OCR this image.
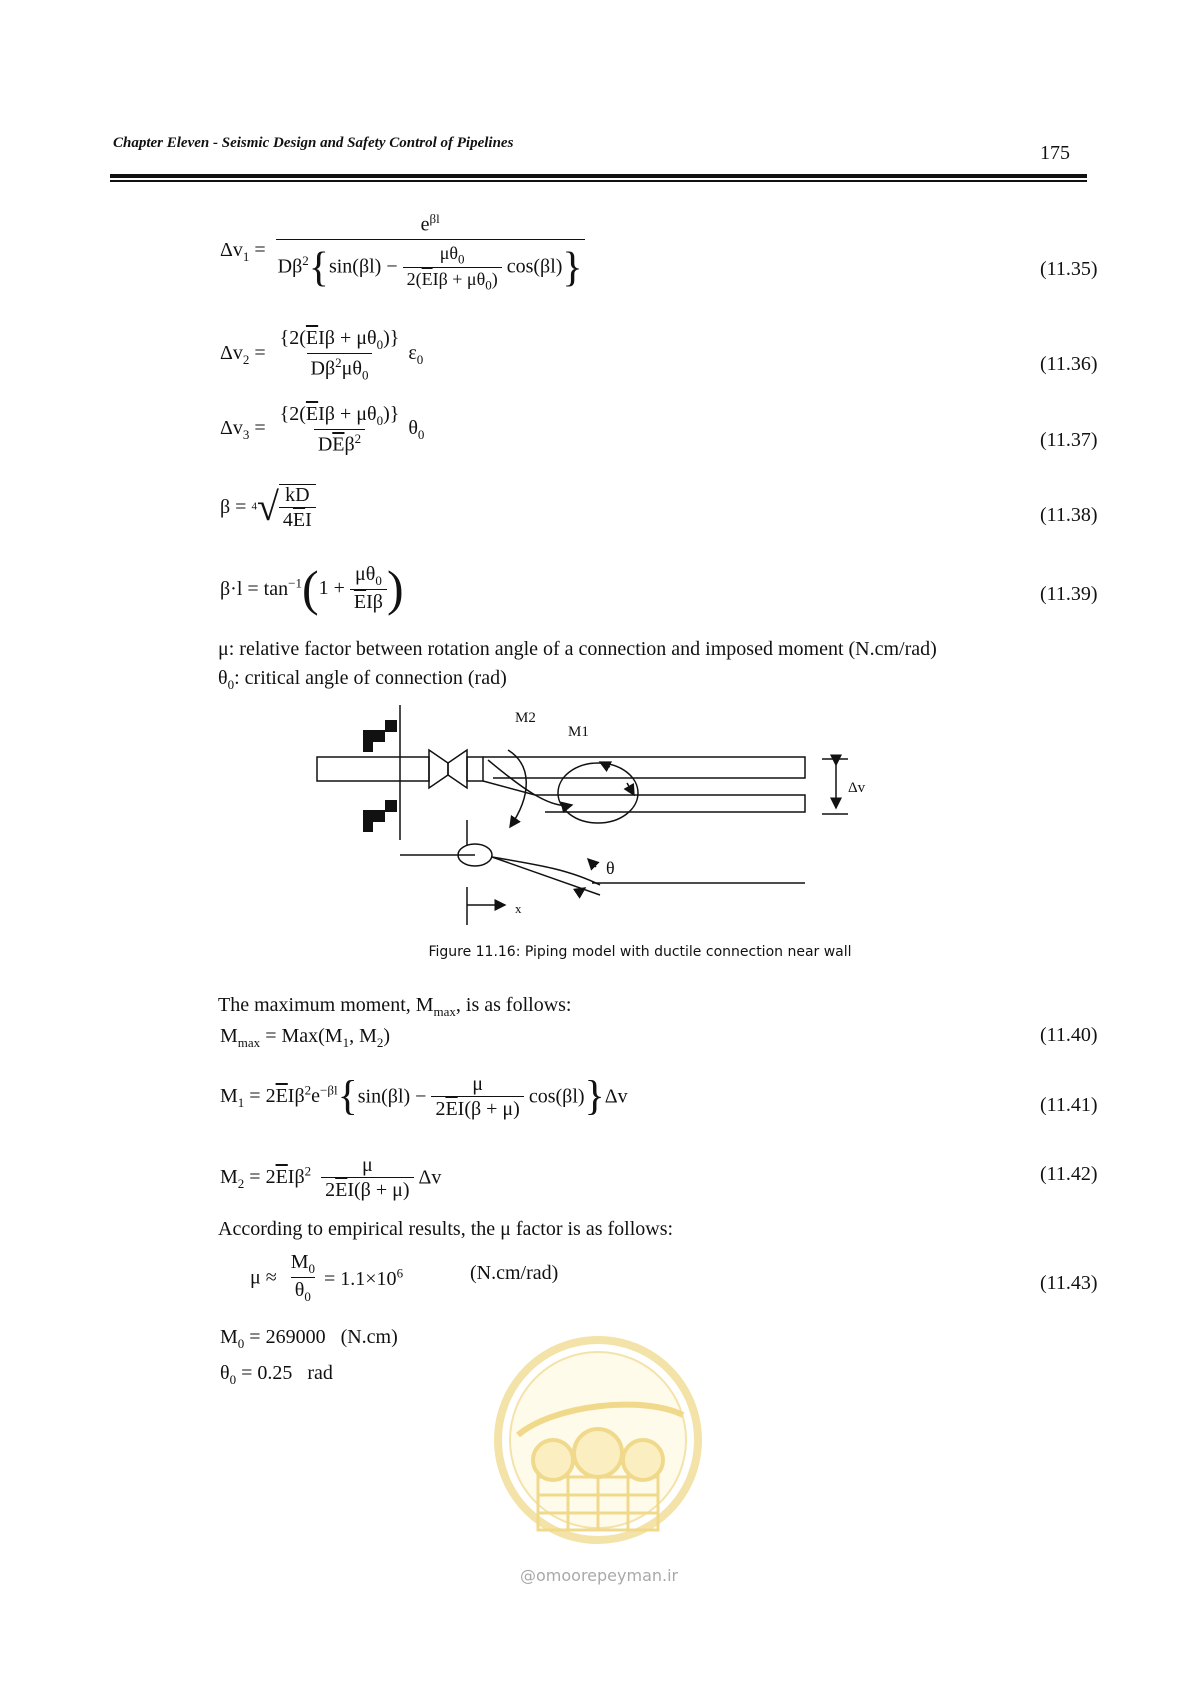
Chapter Eleven - Seismic Design and Safety Control of Pipelines	175
$\Delta v_1 = \frac{e^{\beta l}}{D\beta^2\{\sin(\beta l) - \frac{\mu\theta_0}{2(\overline{E}I\beta + \mu\theta_0)} \cos(\beta l)\}}$	(11.35)
$\Delta v_2 = \frac{\{2(\overline{E}I\beta + \mu\theta_0)\}}{D\beta^2\mu\theta_0} \varepsilon_0$	(11.36)
$\Delta v_3 = \frac{\{2(\overline{E}I\beta + \mu\theta_0)\}}{D\overline{E}\beta^2} \theta_0$	(11.37)
$\beta = 4√ \frac{kD}{4\overline{E}I}$	(11.38)
$\beta\cdot l = \tan^{-1}(1 + \frac{\mu\theta_0}{\overline{E}I\beta}$ )	(11.39)
μ: relative factor between rotation angle of a connection and imposed moment (N.cm/rad)
$\theta_0$: critical angle of connection (rad)
M2
M1
Δv
θ
x
Figure 11.16: Piping model with ductile connection near wall
The maximum moment, $M_{max}$, is as follows:
$M_{max} = Max(M_1$, $M_2$)	(11.40)
$M_1 = 2\overline{E}I\beta^2e^{-\beta l}\{\sin(\beta l) - \frac{\mu}{2\overline{E}I(\beta + \mu)} \cos(\beta l)\}\Delta v$	(11.41)
$M_2 = 2\overline{E}I\beta^2 \frac{\mu}{2\overline{E}I(\beta + \mu)}$ Δv	(11.42)
According to empirical results, the μ factor is as follows:
$\mu \approx \frac{M_0}{\theta_0} = 1.1\times 10^6$	(N.cm/rad)	(11.43)
$M_0 = 269000$ (N.cm)
$\theta_0 = 0.25$ rad
@omoorepeyman.ir
